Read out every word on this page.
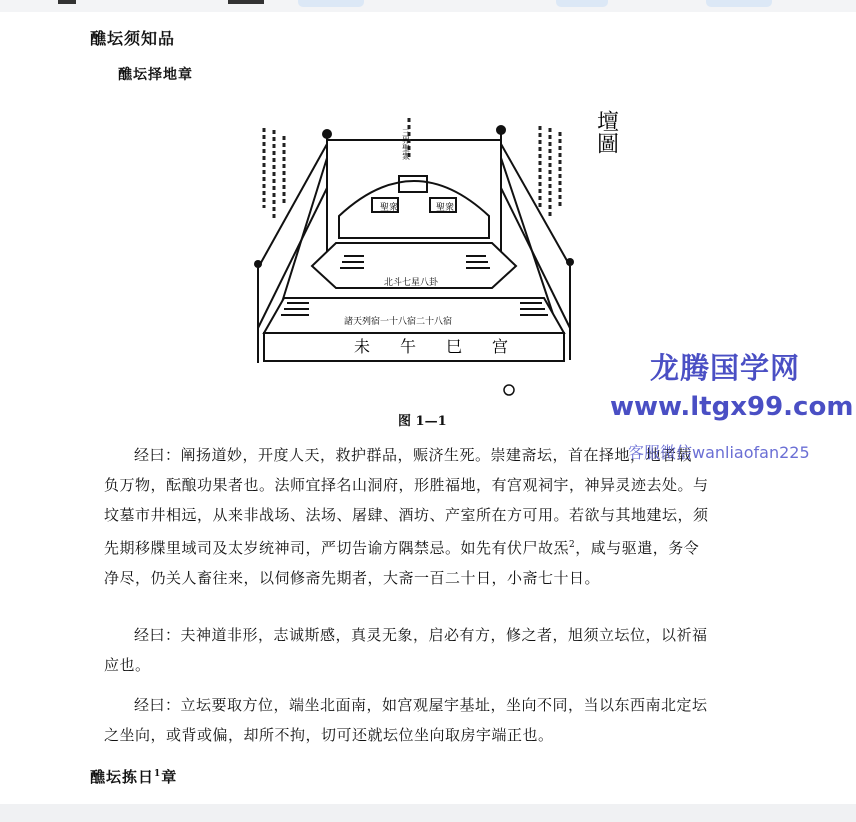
醮坛须知品
醮坛择地章
壇圖
北斗七星八卦
諸天列宿一十八宿二十八宿
未午巳宫
聖衆	聖衆
三界聖衆
图 1—1
经曰：阐扬道妙，开度人天，救护群品，赈济生死。崇建斋坛，首在择地，地者载
负万物，酝酿功果者也。法师宜择名山洞府，形胜福地，有宫观祠宇，神异灵迹去处。与
坟墓市井相远，从来非战场、法场、屠肆、酒坊、产室所在方可用。若欲与其地建坛，须
先期移牒里域司及太岁统神司，严切告谕方隅禁忌。如先有伏尸故炁$^2$，咸与驱遣，务令
净尽，仍关人畜往来，以伺修斋先期者，大斋一百二十日，小斋七十日。
经曰：夫神道非形，志诚斯感，真灵无象，启必有方，修之者，旭须立坛位，以祈福
应也。
经曰：立坛要取方位，端坐北面南，如宫观屋宇基址，坐向不同，当以东西南北定坛
之坐向，或背或偏，却所不拘，切可还就坛位坐向取房宇端正也。
醮坛拣日$^1$章
龙腾国学网
www.ltgx99.com
客服微信wanliaofan225
